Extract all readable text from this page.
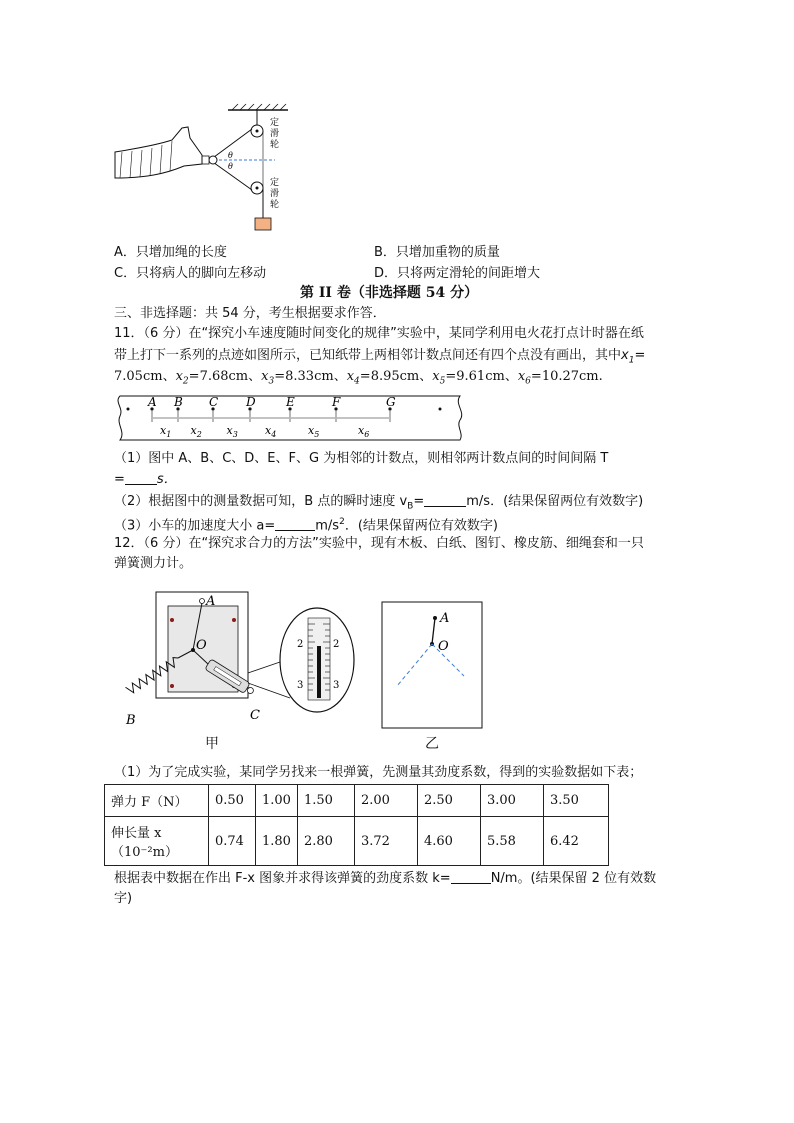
θ
θ
定
滑
轮
定
滑
轮
A．只增加绳的长度	B．只增加重物的质量
C．只将病人的脚向左移动	D．只将两定滑轮的间距增大
第 II 卷（非选择题 54 分）
三、非选择题：共 54 分，考生根据要求作答．
11．（6 分）在“探究小车速度随时间变化的规律”实验中，某同学利用电火花打点计时器在纸
带上打下一系列的点迹如图所示，已知纸带上两相邻计数点间还有四个点没有画出，其中$x_1=$
7.05cm、$x_2=7.68cm$、$x_3=8.33cm$、$x_4=8.95cm$、$x_5=9.61cm$、$x_6=10.27cm$.
A B C D	E	F	G
$x_1$ $x_2$ $x_3$ $x_4$	$x_5$	$x_6$
（1）图中 A、B、C、D、E、F、G 为相邻的计数点，则相邻两计数点间的时间间隔 T
= s．
（2）根据图中的测量数据可知，B 点的瞬时速度 $v_B=$	m/s．(结果保留两位有效数字)
（3）小车的加速度大小 a=	$m/s^2$．(结果保留两位有效数字)
12．（6 分）在“探究求合力的方法”实验中，现有木板、白纸、图钉、橡皮筋、细绳套和一只
弹簧测力计。
2	2
3	3
A
O
B	C
A
O
甲	乙
（1）为了完成实验，某同学另找来一根弹簧，先测量其劲度系数，得到的实验数据如下表；
弹力 F（N）	0.50	1.00	1.50	2.00	2.50	3.00	3.50

伸长量 x
（10⁻²m）	0.74	1.80	2.80	3.72	4.60	5.58	6.42
根据表中数据在作出 F-x 图象并求得该弹簧的劲度系数 k=	N/m。(结果保留 2 位有效数
字)
